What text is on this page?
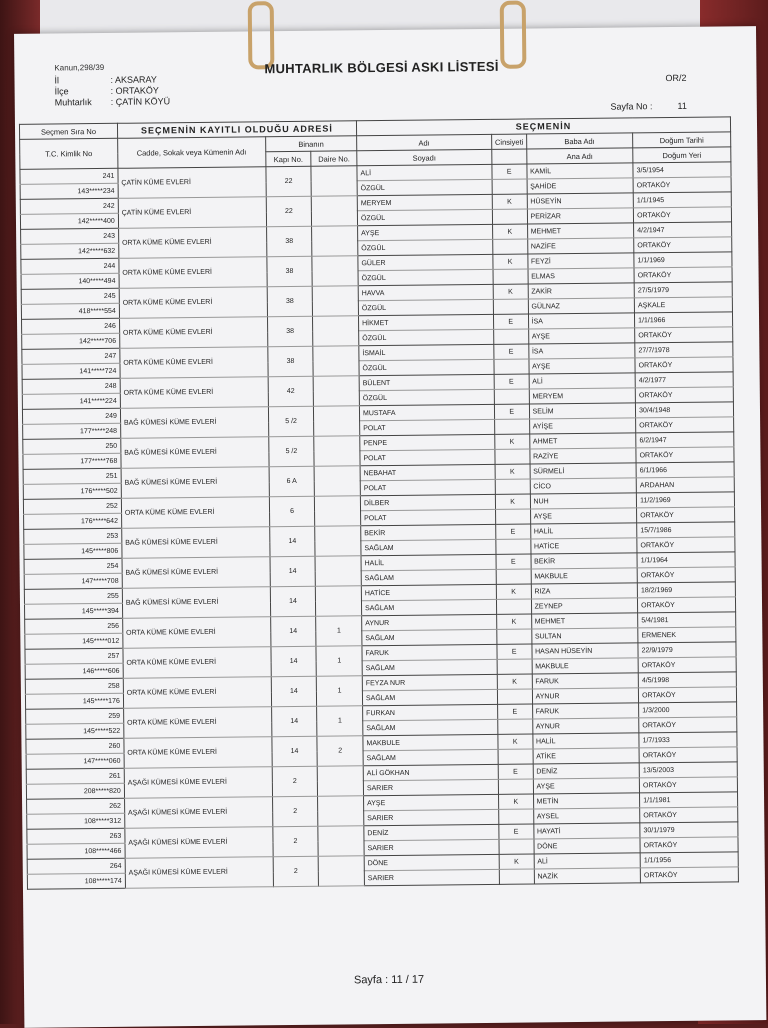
Kanun,298/39	MUHTARLIK BÖLGESİ ASKI LİSTESİ
OR/2
Sayfa No :	11
İl	: AKSARAY
İlçe	: ORTAKÖY
Muhtarlık : ÇATİN KÖYÜ
Seçmen Sıra No	SEÇMENİN KAYITLI OLDUĞU ADRESİ			SEÇMENİN			
T.C. Kimlik No	Cadde, Sokak veya Kümenin Adı	Binanın		Adı	Cinsiyeti	Baba Adı	Doğum Tarihi
		Kapı No.	Daire No.	Soyadı		Ana Adı	Doğum Yeri

241	ÇATİN KÜME EVLERİ	22		ALİ	E	KAMİL	3/5/1954
143*****234				ÖZGÜL		ŞAHİDE	ORTAKÖY
242	ÇATİN KÜME EVLERİ	22		MERYEM	K	HÜSEYİN	1/1/1945
142*****400				ÖZGÜL		PERİZAR	ORTAKÖY
243	ORTA KÜME KÜME EVLERİ	38		AYŞE	K	MEHMET	4/2/1947
142*****632				ÖZGÜL		NAZİFE	ORTAKÖY
244	ORTA KÜME KÜME EVLERİ	38		GÜLER	K	FEYZİ	1/1/1969
140*****494				ÖZGÜL		ELMAS	ORTAKÖY
245	ORTA KÜME KÜME EVLERİ	38		HAVVA	K	ZAKİR	27/5/1979
418*****554				ÖZGÜL		GÜLNAZ	AŞKALE
246	ORTA KÜME KÜME EVLERİ	38		HİKMET	E	İSA	1/1/1966
142*****706				ÖZGÜL		AYŞE	ORTAKÖY
247	ORTA KÜME KÜME EVLERİ	38		İSMAİL	E	İSA	27/7/1978
141*****724				ÖZGÜL		AYŞE	ORTAKÖY
248	ORTA KÜME KÜME EVLERİ	42		BÜLENT	E	ALİ	4/2/1977
141*****224				ÖZGÜL		MERYEM	ORTAKÖY
249	BAĞ KÜMESİ KÜME EVLERİ	5 /2		MUSTAFA	E	SELİM	30/4/1948
177*****248				POLAT		AYİŞE	ORTAKÖY
250	BAĞ KÜMESİ KÜME EVLERİ	5 /2		PENPE	K	AHMET	6/2/1947
177*****768				POLAT		RAZİYE	ORTAKÖY
251	BAĞ KÜMESİ KÜME EVLERİ	6 A		NEBAHAT	K	SÜRMELİ	6/1/1966
176*****502				POLAT		CİCO	ARDAHAN
252	ORTA KÜME KÜME EVLERİ	6		DİLBER	K	NUH	11/2/1969
176*****642				POLAT		AYŞE	ORTAKÖY
253	BAĞ KÜMESİ KÜME EVLERİ	14		BEKİR	E	HALİL	15/7/1986
145*****806				SAĞLAM		HATİCE	ORTAKÖY
254	BAĞ KÜMESİ KÜME EVLERİ	14		HALİL	E	BEKİR	1/1/1964
147*****708				SAĞLAM		MAKBULE	ORTAKÖY
255	BAĞ KÜMESİ KÜME EVLERİ	14		HATİCE	K	RIZA	18/2/1969
145*****394				SAĞLAM		ZEYNEP	ORTAKÖY
256	ORTA KÜME KÜME EVLERİ	14	1	AYNUR	K	MEHMET	5/4/1981
145*****012				SAĞLAM		SULTAN	ERMENEK
257	ORTA KÜME KÜME EVLERİ	14	1	FARUK	E	HASAN HÜSEYİN	22/9/1979
146*****606				SAĞLAM		MAKBULE	ORTAKÖY
258	ORTA KÜME KÜME EVLERİ	14	1	FEYZA NUR	K	FARUK	4/5/1998
145*****176				SAĞLAM		AYNUR	ORTAKÖY
259	ORTA KÜME KÜME EVLERİ	14	1	FURKAN	E	FARUK	1/3/2000
145*****522				SAĞLAM		AYNUR	ORTAKÖY
260	ORTA KÜME KÜME EVLERİ	14	2	MAKBULE	K	HALİL	1/7/1933
147*****060				SAĞLAM		ATİKE	ORTAKÖY
261	AŞAĞI KÜMESİ KÜME EVLERİ	2		ALİ GÖKHAN	E	DENİZ	13/5/2003
208*****820				SARIER		AYŞE	ORTAKÖY
262	AŞAĞI KÜMESİ KÜME EVLERİ	2		AYŞE	K	METİN	1/1/1981
108*****312				SARIER		AYSEL	ORTAKÖY
263	AŞAĞI KÜMESİ KÜME EVLERİ	2		DENİZ	E	HAYATİ	30/1/1979
108*****466				SARIER		DÖNE	ORTAKÖY
264	AŞAĞI KÜMESİ KÜME EVLERİ	2		DÖNE	K	ALİ	1/1/1956
108*****174				SARIER		NAZİK	ORTAKÖY
Sayfa : 11 / 17
